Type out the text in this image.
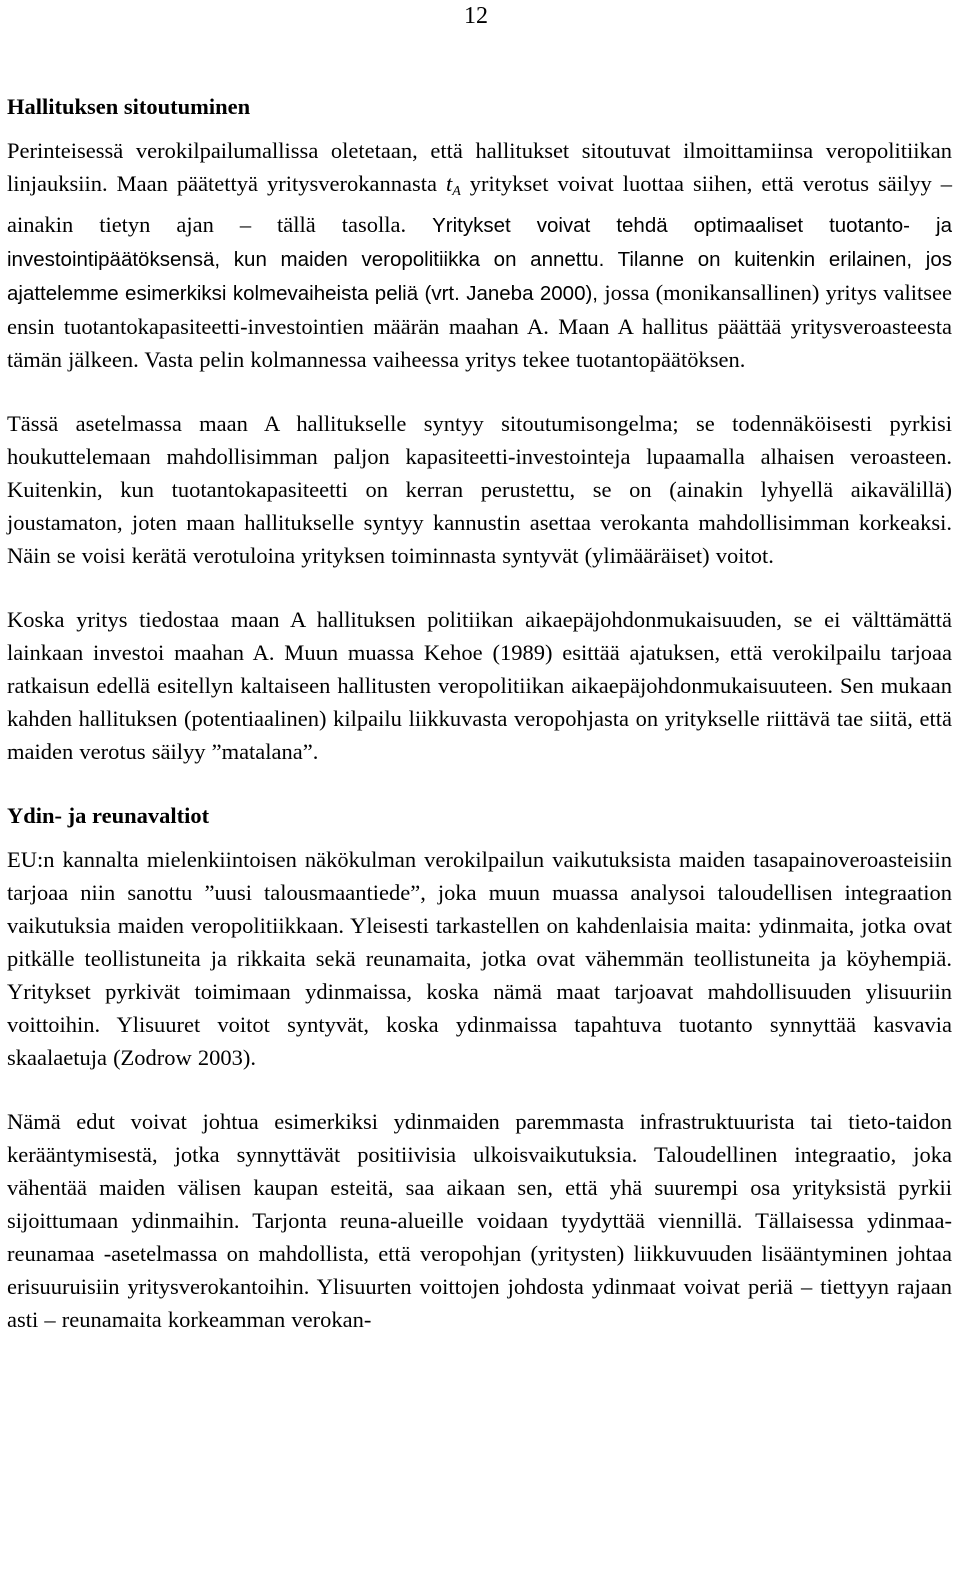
12
Hallituksen sitoutuminen

Perinteisessä verokilpailumallissa oletetaan, että hallitukset sitoutuvat ilmoittamiinsa veropolitiikan linjauksiin. Maan päätettyä yritysverokannasta tA yritykset voivat luottaa siihen, että verotus säilyy – ainakin tietyn ajan – tällä tasolla. Yritykset voivat tehdä optimaaliset tuotanto- ja investointipäätöksensä, kun maiden veropolitiikka on annettu. Tilanne on kuitenkin erilainen, jos ajattelemme esimerkiksi kolmevaiheista peliä (vrt. Janeba 2000), jossa (monikansallinen) yritys valitsee ensin tuotantokapasiteetti-investointien määrän maahan A. Maan A hallitus päättää yritysveroasteesta tämän jälkeen. Vasta pelin kolmannessa vaiheessa yritys tekee tuotantopäätöksen.

Tässä asetelmassa maan A hallitukselle syntyy sitoutumisongelma; se todennäköisesti pyrkisi houkuttelemaan mahdollisimman paljon kapasiteetti-investointeja lupaamalla alhaisen veroasteen. Kuitenkin, kun tuotantokapasiteetti on kerran perustettu, se on (ainakin lyhyellä aikavälillä) joustamaton, joten maan hallitukselle syntyy kannustin asettaa verokanta mahdollisimman korkeaksi. Näin se voisi kerätä verotuloina yrityksen toiminnasta syntyvät (ylimääräiset) voitot.

Koska yritys tiedostaa maan A hallituksen politiikan aikaepäjohdonmukaisuuden, se ei välttämättä lainkaan investoi maahan A. Muun muassa Kehoe (1989) esittää ajatuksen, että verokilpailu tarjoaa ratkaisun edellä esitellyn kaltaiseen hallitusten veropolitiikan aikaepäjohdonmukaisuuteen. Sen mukaan kahden hallituksen (potentiaalinen) kilpailu liikkuvasta veropohjasta on yritykselle riittävä tae siitä, että maiden verotus säilyy ”matalana”.

Ydin- ja reunavaltiot

EU:n kannalta mielenkiintoisen näkökulman verokilpailun vaikutuksista maiden tasapainoveroasteisiin tarjoaa niin sanottu ”uusi talousmaantiede”, joka muun muassa analysoi taloudellisen integraation vaikutuksia maiden veropolitiikkaan. Yleisesti tarkastellen on kahdenlaisia maita: ydinmaita, jotka ovat pitkälle teollistuneita ja rikkaita sekä reunamaita, jotka ovat vähemmän teollistuneita ja köyhempiä. Yritykset pyrkivät toimimaan ydinmaissa, koska nämä maat tarjoavat mahdollisuuden ylisuuriin voittoihin. Ylisuuret voitot syntyvät, koska ydinmaissa tapahtuva tuotanto synnyttää kasvavia skaalaetuja (Zodrow 2003).

Nämä edut voivat johtua esimerkiksi ydinmaiden paremmasta infrastruktuurista tai tieto-taidon kerääntymisestä, jotka synnyttävät positiivisia ulkoisvaikutuksia. Taloudellinen integraatio, joka vähentää maiden välisen kaupan esteitä, saa aikaan sen, että yhä suurempi osa yrityksistä pyrkii sijoittumaan ydinmaihin. Tarjonta reuna-alueille voidaan tyydyttää viennillä. Tällaisessa ydinmaa-reunamaa -asetelmassa on mahdollista, että veropohjan (yritysten) liikkuvuuden lisääntyminen johtaa erisuuruisiin yritysverokantoihin. Ylisuurten voittojen johdosta ydinmaat voivat periä – tiettyyn rajaan asti – reunamaita korkeamman verokan-
